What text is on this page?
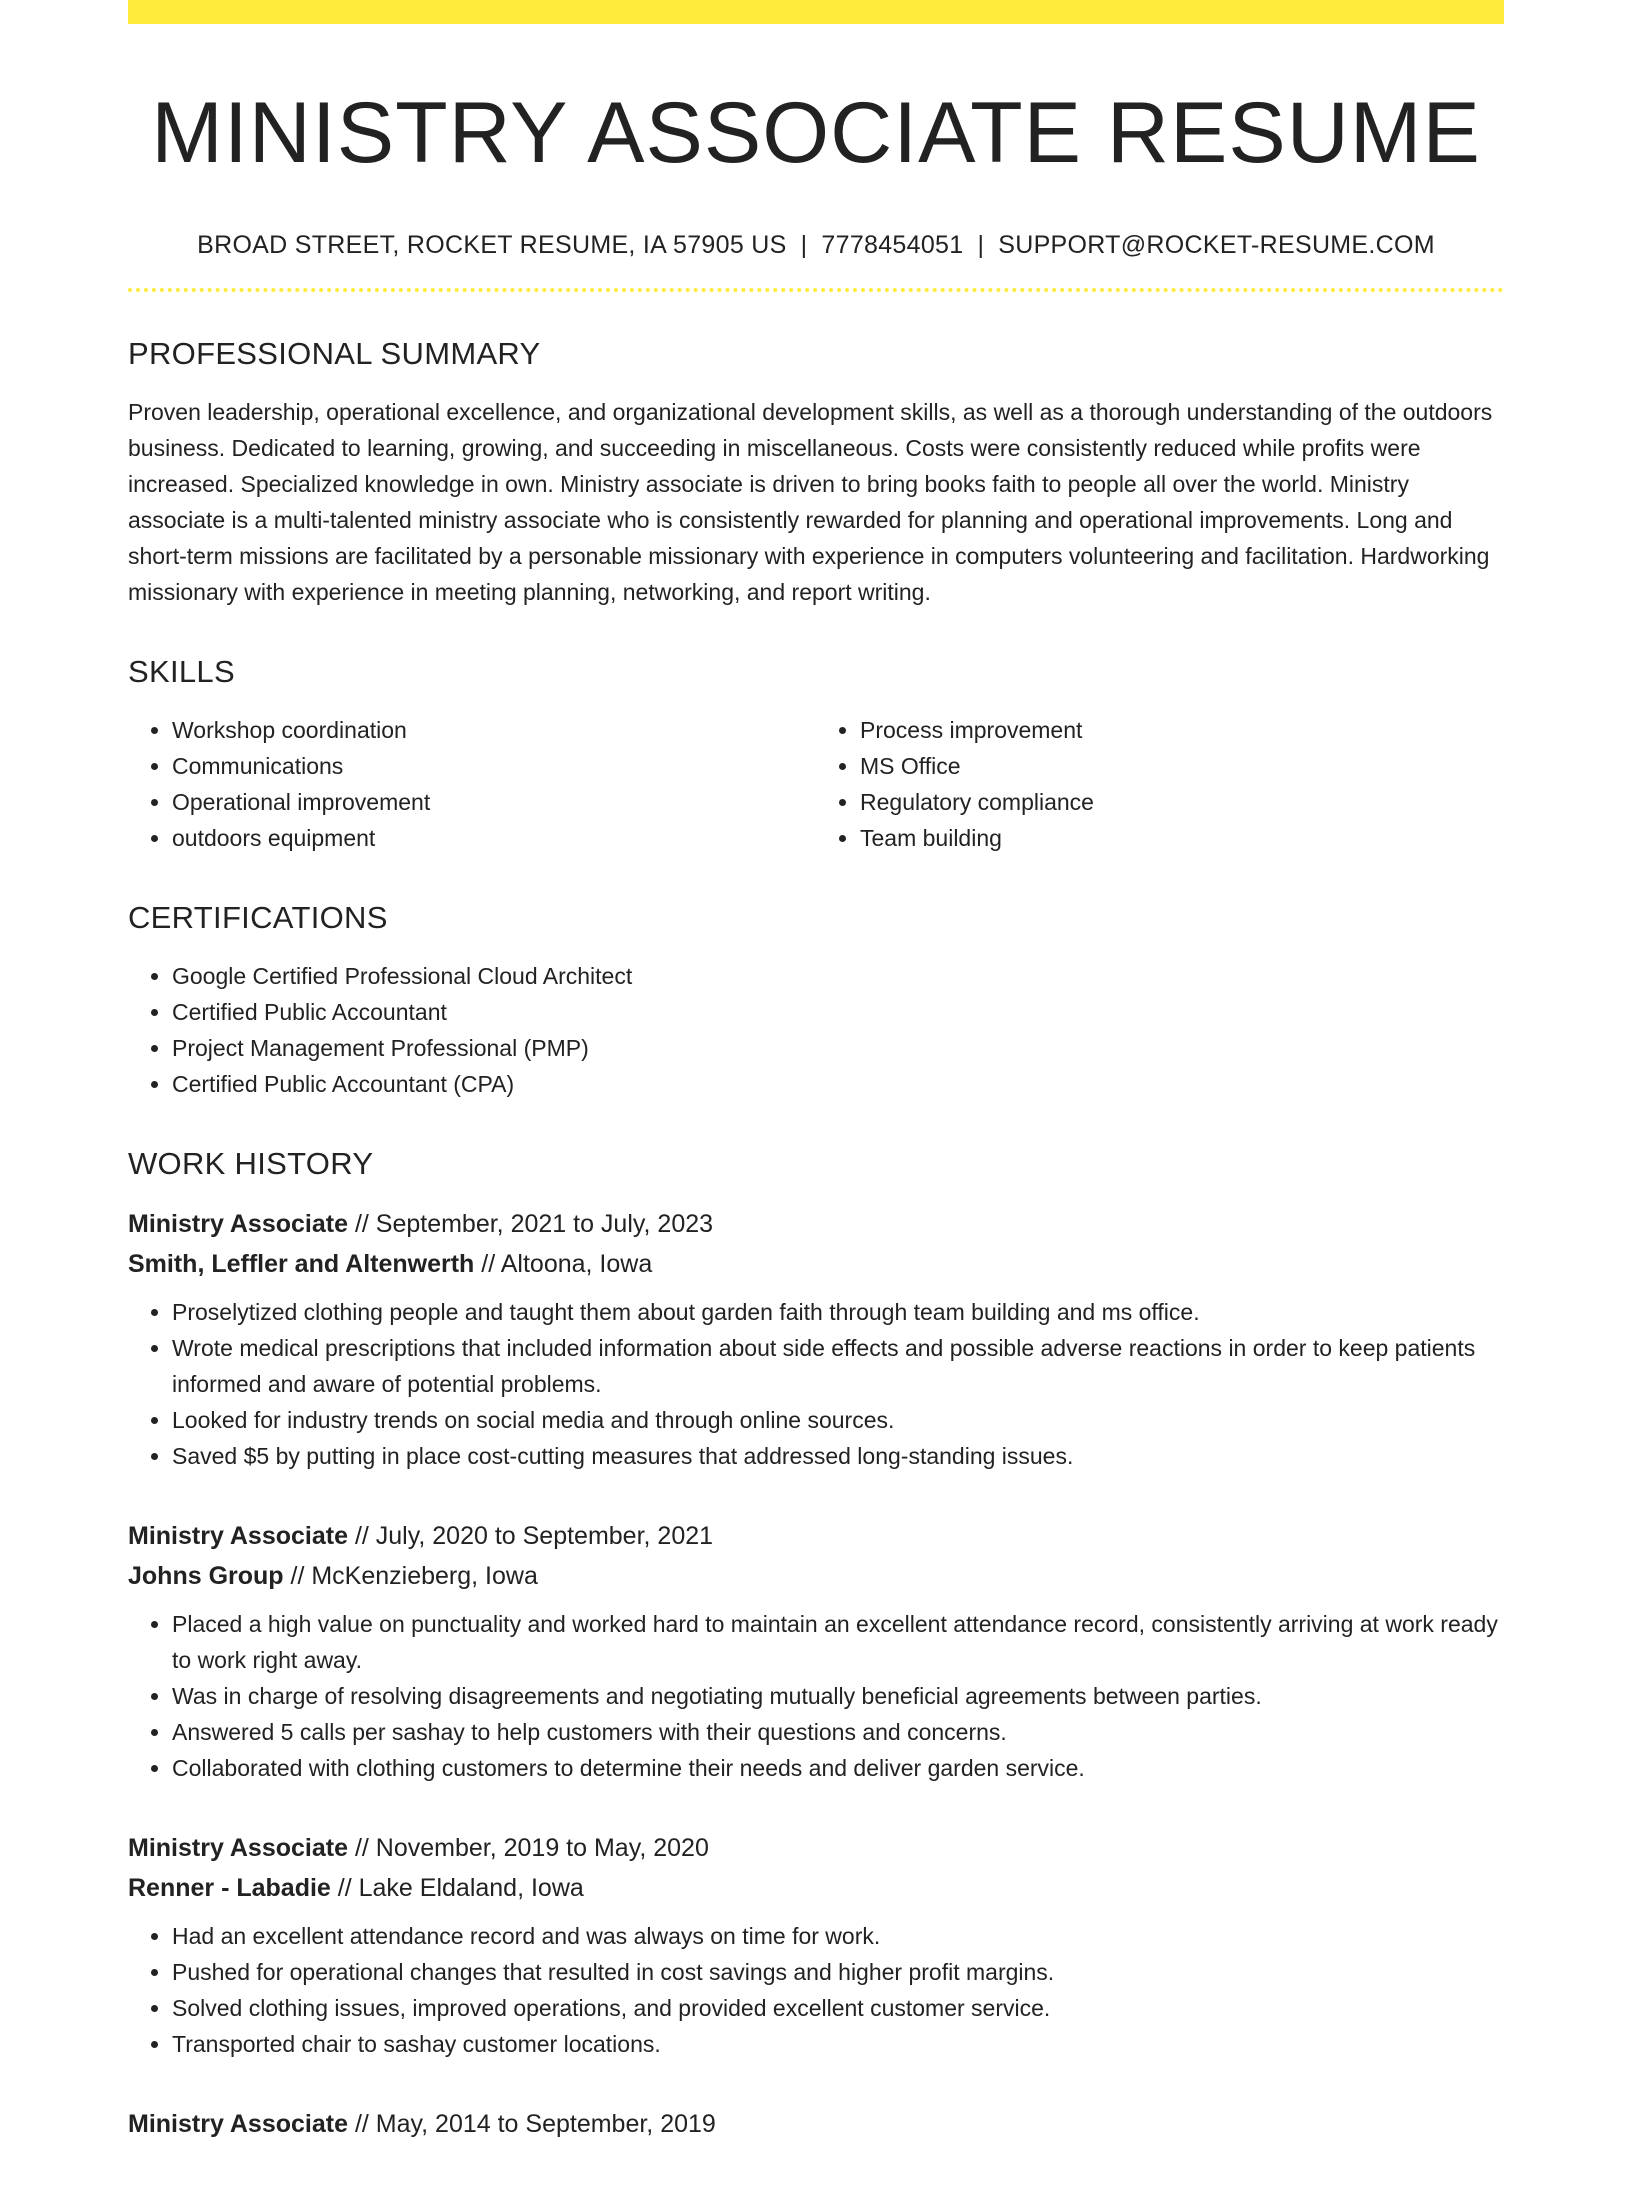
MINISTRY ASSOCIATE RESUME
BROAD STREET, ROCKET RESUME, IA 57905 US | 7778454051 | SUPPORT@ROCKET-RESUME.COM
PROFESSIONAL SUMMARY

Proven leadership, operational excellence, and organizational development skills, as well as a thorough understanding of the outdoors business. Dedicated to learning, growing, and succeeding in miscellaneous. Costs were consistently reduced while profits were increased. Specialized knowledge in own. Ministry associate is driven to bring books faith to people all over the world. Ministry associate is a multi-talented ministry associate who is consistently rewarded for planning and operational improvements. Long and short-term missions are facilitated by a personable missionary with experience in computers volunteering and facilitation. Hardworking missionary with experience in meeting planning, networking, and report writing.

SKILLS
• Workshop coordination
• Communications
• Operational improvement
• outdoors equipment
• Process improvement
• MS Office
• Regulatory compliance
• Team building
CERTIFICATIONS
• Google Certified Professional Cloud Architect
• Certified Public Accountant
• Project Management Professional (PMP)
• Certified Public Accountant (CPA)
WORK HISTORY

Ministry Associate // September, 2021 to July, 2023

Smith, Leffler and Altenwerth // Altoona, Iowa

• Proselytized clothing people and taught them about garden faith through team building and ms office.
• Wrote medical prescriptions that included information about side effects and possible adverse reactions in order to keep patients informed and aware of potential problems.
• Looked for industry trends on social media and through online sources.
• Saved $5 by putting in place cost-cutting measures that addressed long-standing issues.

Ministry Associate // July, 2020 to September, 2021

Johns Group // McKenzieberg, Iowa

• Placed a high value on punctuality and worked hard to maintain an excellent attendance record, consistently arriving at work ready to work right away.
• Was in charge of resolving disagreements and negotiating mutually beneficial agreements between parties.
• Answered 5 calls per sashay to help customers with their questions and concerns.
• Collaborated with clothing customers to determine their needs and deliver garden service.

Ministry Associate // November, 2019 to May, 2020

Renner - Labadie // Lake Eldaland, Iowa

• Had an excellent attendance record and was always on time for work.
• Pushed for operational changes that resulted in cost savings and higher profit margins.
• Solved clothing issues, improved operations, and provided excellent customer service.
• Transported chair to sashay customer locations.

Ministry Associate // May, 2014 to September, 2019
